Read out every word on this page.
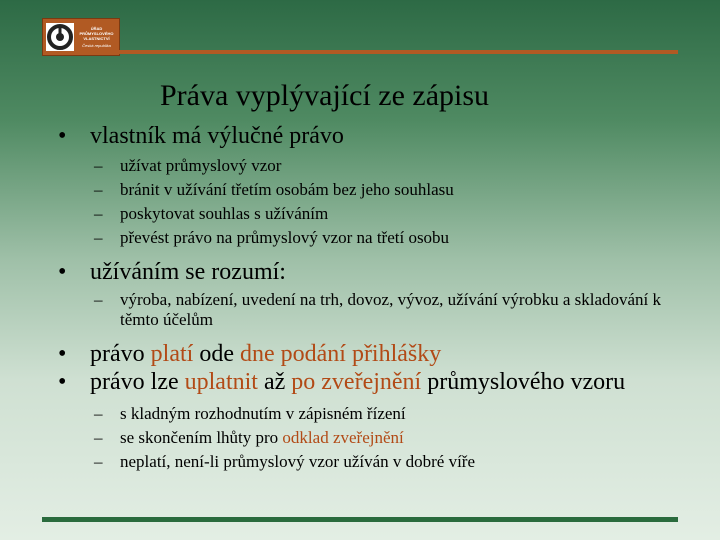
ÚŘAD
PRŮMYSLOVÉHO
VLASTNICTVÍ
Česká republika
Práva vyplývající ze zápisu
• vlastník má výlučné právo
– užívat průmyslový vzor
– bránit v užívání třetím osobám bez jeho souhlasu
– poskytovat souhlas s užíváním
– převést právo na průmyslový vzor na třetí osobu
• užíváním se rozumí:
– výroba, nabízení, uvedení na trh, dovoz, vývoz, užívání výrobku a skladování k těmto účelům
• právo platí ode dne podání přihlášky
• právo lze uplatnit až po zveřejnění průmyslového vzoru
– s kladným rozhodnutím v zápisném řízení
– se skončením lhůty pro odklad zveřejnění
– neplatí, není-li průmyslový vzor užíván v dobré víře
